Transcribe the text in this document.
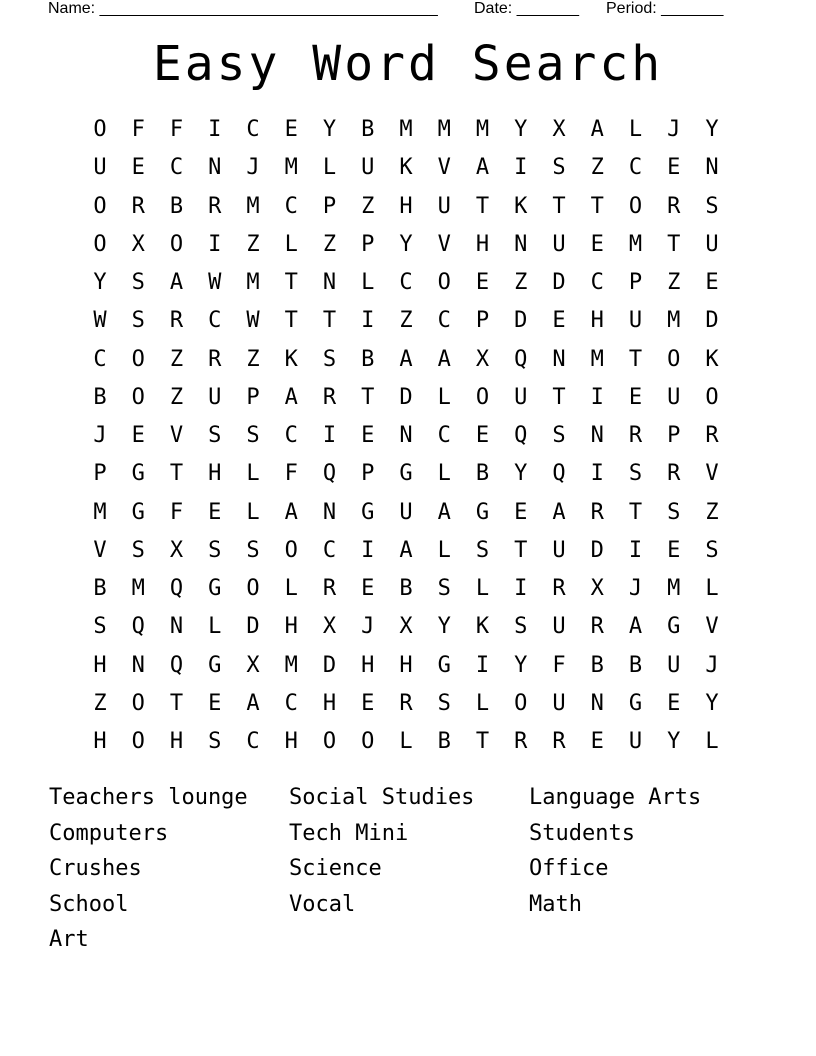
Name: ______________________________________ Date: _______ Period: _______
Easy Word Search
O	F	F	I	C	E	Y	B	M	M	M	Y	X	A	L	J	Y
U	E	C	N	J	M	L	U	K	V	A	I	S	Z	C	E	N
O	R	B	R	M	C	P	Z	H	U	T	K	T	T	O	R	S
O	X	O	I	Z	L	Z	P	Y	V	H	N	U	E	M	T	U
Y	S	A	W	M	T	N	L	C	O	E	Z	D	C	P	Z	E
W	S	R	C	W	T	T	I	Z	C	P	D	E	H	U	M	D
C	O	Z	R	Z	K	S	B	A	A	X	Q	N	M	T	O	K
B	O	Z	U	P	A	R	T	D	L	O	U	T	I	E	U	O
J	E	V	S	S	C	I	E	N	C	E	Q	S	N	R	P	R
P	G	T	H	L	F	Q	P	G	L	B	Y	Q	I	S	R	V
M	G	F	E	L	A	N	G	U	A	G	E	A	R	T	S	Z
V	S	X	S	S	O	C	I	A	L	S	T	U	D	I	E	S
B	M	Q	G	O	L	R	E	B	S	L	I	R	X	J	M	L
S	Q	N	L	D	H	X	J	X	Y	K	S	U	R	A	G	V
H	N	Q	G	X	M	D	H	H	G	I	Y	F	B	B	U	J
Z	O	T	E	A	C	H	E	R	S	L	O	U	N	G	E	Y
H	O	H	S	C	H	O	O	L	B	T	R	R	E	U	Y	L
Teachers lounge	Social Studies	Language Arts
Computers	Tech Mini	Students
Crushes	Science	Office
School	Vocal	Math
Art
